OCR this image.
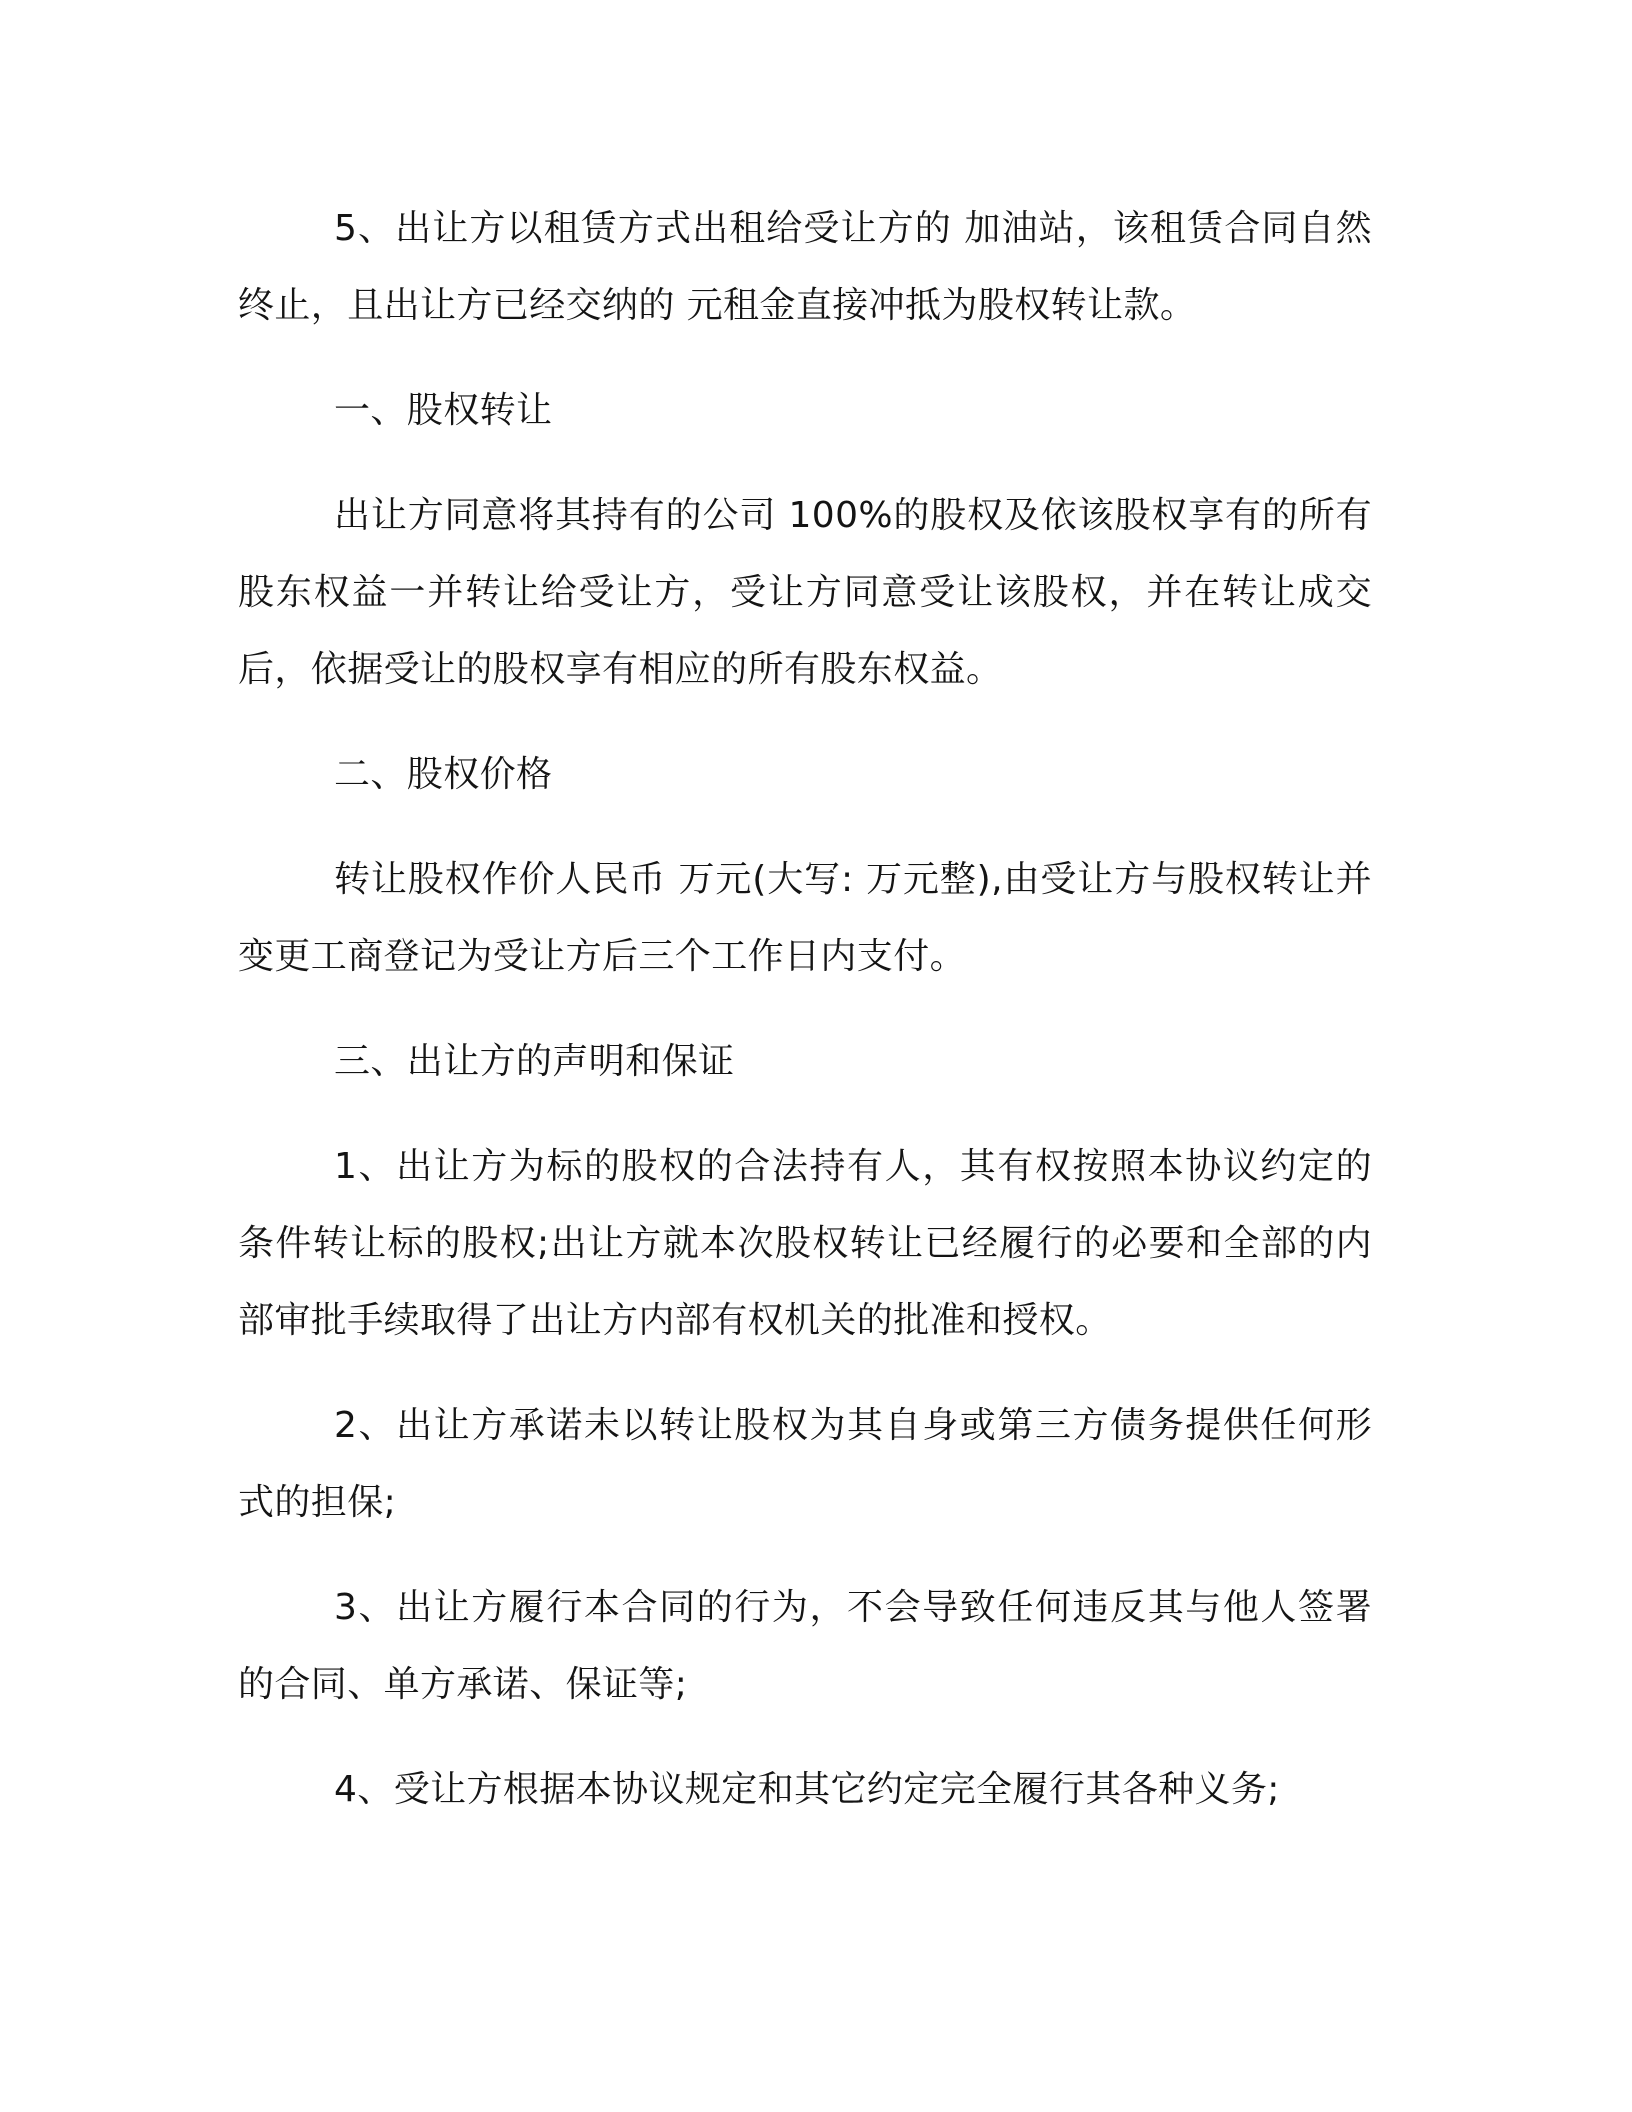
5、出让方以租赁方式出租给受让方的 加油站，该租赁合同自然终止，且出让方已经交纳的 元租金直接冲抵为股权转让款。

一、股权转让

出让方同意将其持有的公司 100%的股权及依该股权享有的所有股东权益一并转让给受让方，受让方同意受让该股权，并在转让成交后，依据受让的股权享有相应的所有股东权益。

二、股权价格

转让股权作价人民币 万元(大写: 万元整),由受让方与股权转让并变更工商登记为受让方后三个工作日内支付。

三、出让方的声明和保证

1、出让方为标的股权的合法持有人，其有权按照本协议约定的条件转让标的股权;出让方就本次股权转让已经履行的必要和全部的内部审批手续取得了出让方内部有权机关的批准和授权。

2、出让方承诺未以转让股权为其自身或第三方债务提供任何形式的担保;

3、出让方履行本合同的行为，不会导致任何违反其与他人签署的合同、单方承诺、保证等;

4、受让方根据本协议规定和其它约定完全履行其各种义务;
